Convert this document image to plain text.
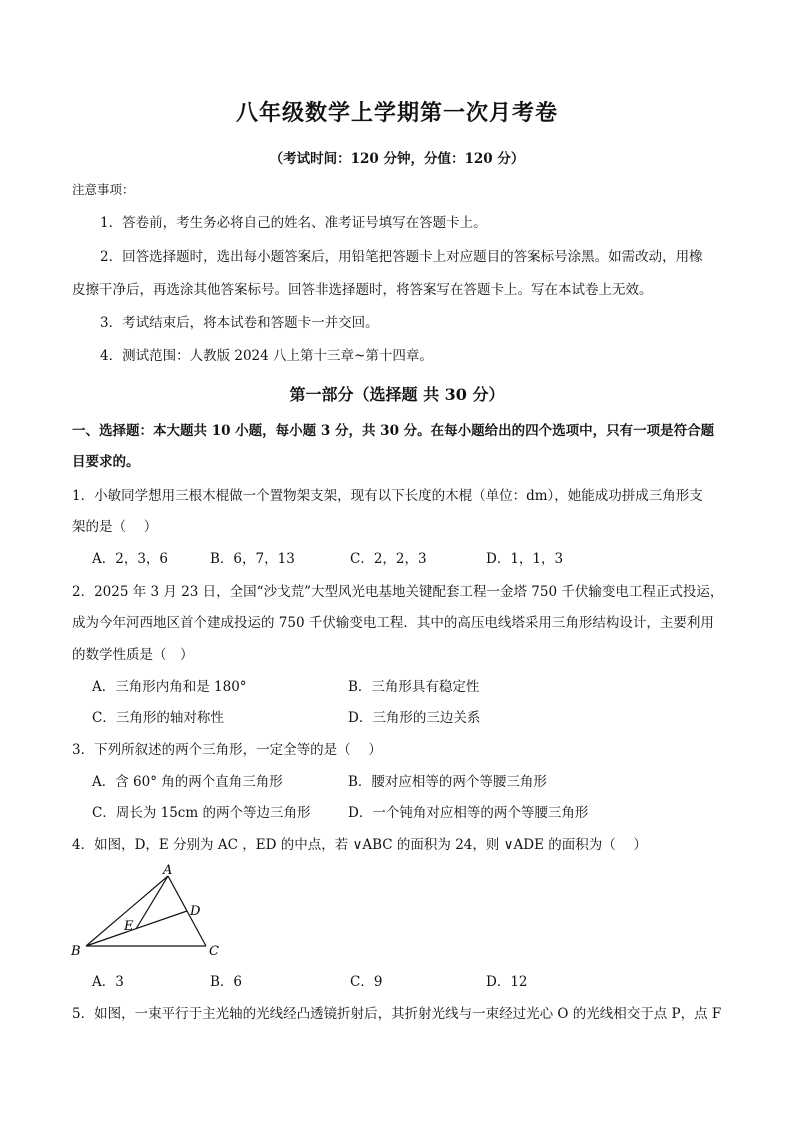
八年级数学上学期第一次月考卷
（考试时间：120 分钟，分值：120 分）
注意事项：
1．答卷前，考生务必将自己的姓名、准考证号填写在答题卡上。
2．回答选择题时，选出每小题答案后，用铅笔把答题卡上对应题目的答案标号涂黑。如需改动，用橡
皮擦干净后，再选涂其他答案标号。回答非选择题时，将答案写在答题卡上。写在本试卷上无效。
3．考试结束后，将本试卷和答题卡一并交回。
4．测试范围：人教版 2024 八上第十三章~第十四章。
第一部分（选择题 共 30 分）
一、选择题：本大题共 10 小题，每小题 3 分，共 30 分。在每小题给出的四个选项中，只有一项是符合题
目要求的。
1．小敏同学想用三根木棍做一个置物架支架，现有以下长度的木棍（单位：dm），她能成功拼成三角形支
架的是（　 ）
A．2，3，6	B．6，7，13	C．2，2，3	D．1，1，3
2．2025 年 3 月 23 日，全国“沙戈荒”大型风光电基地关键配套工程一金塔 750 千伏输变电工程正式投运，
成为今年河西地区首个建成投运的 750 千伏输变电工程．其中的高压电线塔采用三角形结构设计，主要利用
的数学性质是（　）
A．三角形内角和是 180°	B．三角形具有稳定性
C．三角形的轴对称性	D．三角形的三边关系
3．下列所叙述的两个三角形，一定全等的是（　 ）
A．含 60° 角的两个直角三角形	B．腰对应相等的两个等腰三角形
C．周长为 15cm 的两个等边三角形	D．一个钝角对应相等的两个等腰三角形
4．如图，D，E 分别为 AC ，ED 的中点，若 ∨ABC 的面积为 24，则 ∨ADE 的面积为（　 ）
A
B	C
D
E
A．3	B．6	C．9	D．12
5．如图，一束平行于主光轴的光线经凸透镜折射后，其折射光线与一束经过光心 O 的光线相交于点 P，点 F
